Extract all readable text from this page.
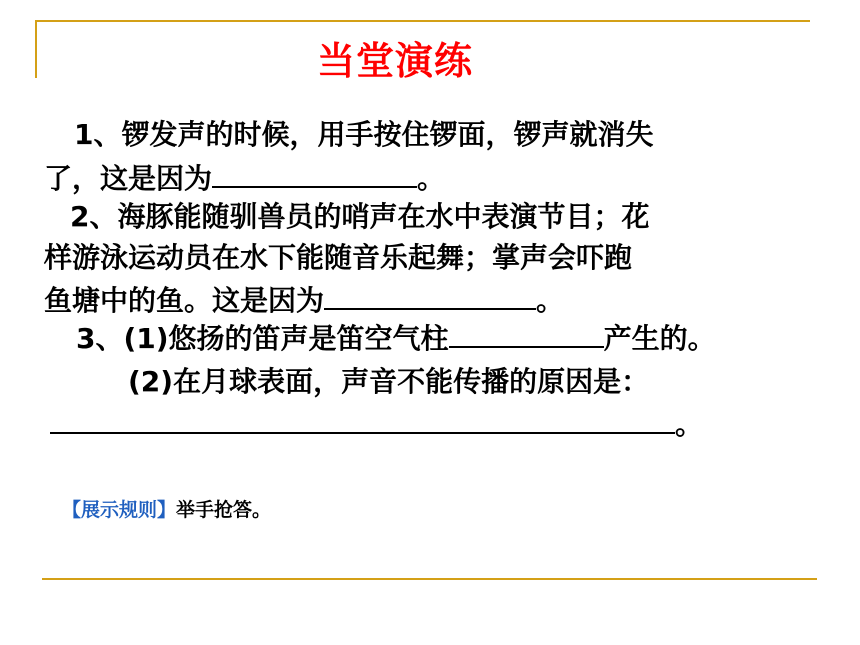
当堂演练
1、锣发声的时候，用手按住锣面，锣声就消失
了，这是因为	。
2、海豚能随驯兽员的哨声在水中表演节目；花
样游泳运动员在水下能随音乐起舞；掌声会吓跑
鱼塘中的鱼。这是因为	。
3、(1)悠扬的笛声是笛空气柱	产生的。
(2)在月球表面，声音不能传播的原因是：
。
【展示规则】举手抢答。
